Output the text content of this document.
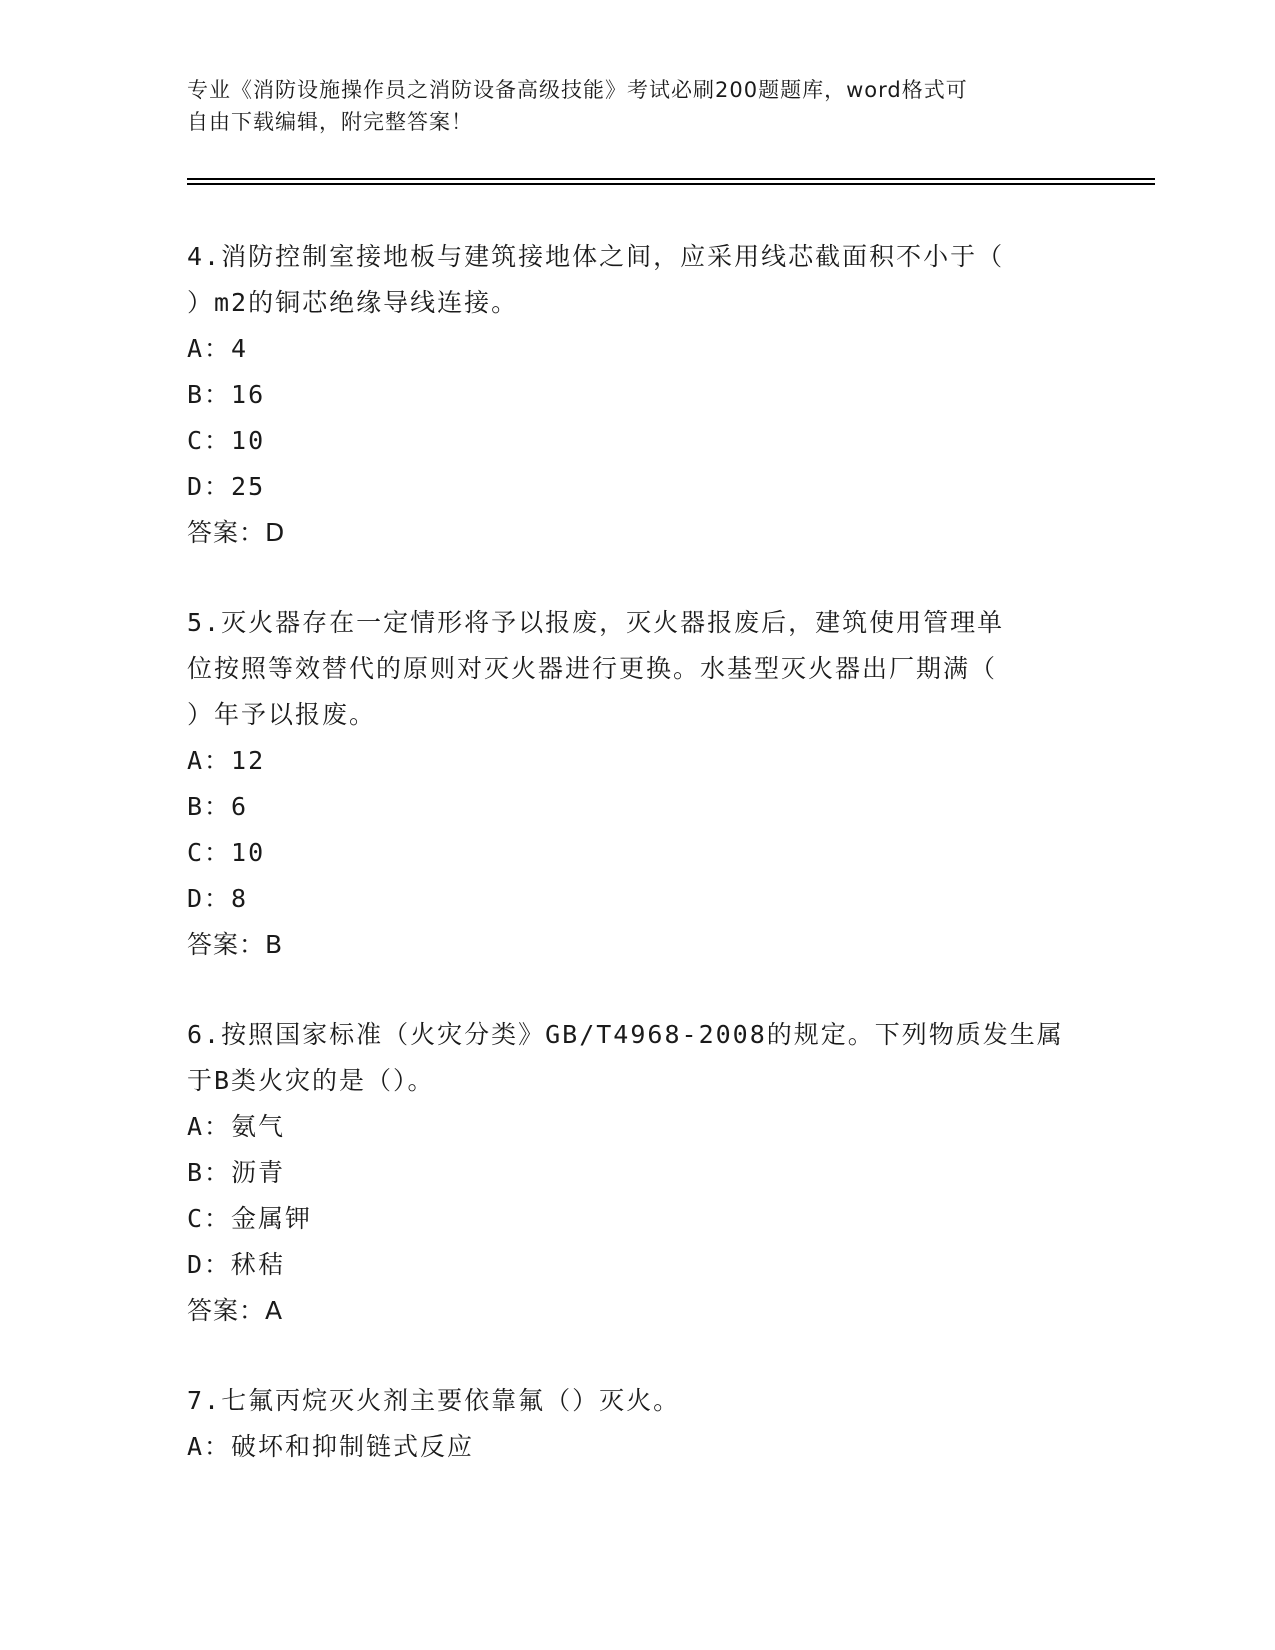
专业《消防设施操作员之消防设备高级技能》考试必刷200题题库，word格式可
自由下载编辑，附完整答案！
4.消防控制室接地板与建筑接地体之间，应采用线芯截面积不小于（
）m2的铜芯绝缘导线连接。
A：4
B：16
C：10
D：25
答案：D
5.灭火器存在一定情形将予以报废，灭火器报废后，建筑使用管理单
位按照等效替代的原则对灭火器进行更换。水基型灭火器出厂期满（
）年予以报废。
A：12
B：6
C：10
D：8
答案：B
6.按照国家标准（火灾分类》GB/T4968-2008的规定。下列物质发生属
于B类火灾的是（）。
A：氨气
B：沥青
C：金属钾
D：秫秸
答案：A
7.七氟丙烷灭火剂主要依靠氟（）灭火。
A：破坏和抑制链式反应
